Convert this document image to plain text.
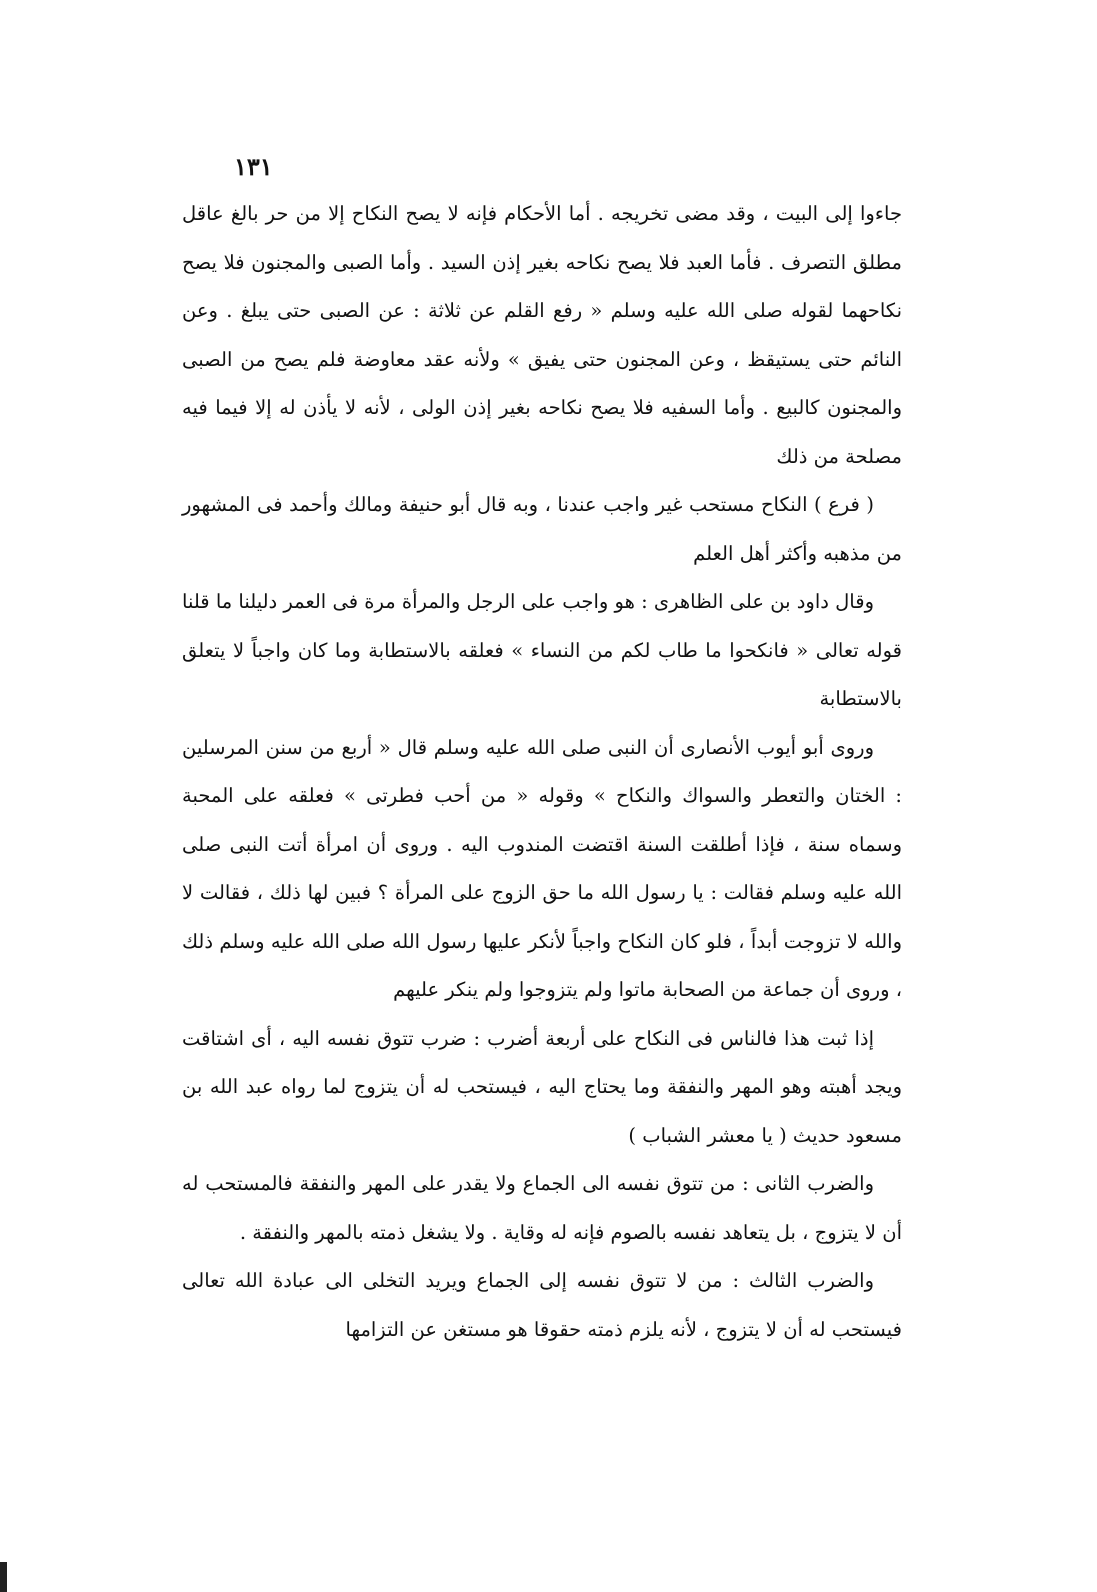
١٣١

جاءوا إلى البيت ، وقد مضى تخريجه . أما الأحكام فإنه لا يصح النكاح إلا من حر بالغ عاقل مطلق التصرف . فأما العبد فلا يصح نكاحه بغير إذن السيد . وأما الصبى والمجنون فلا يصح نكاحهما لقوله صلى الله عليه وسلم « رفع القلم عن ثلاثة : عن الصبى حتى يبلغ . وعن النائم حتى يستيقظ ، وعن المجنون حتى يفيق » ولأنه عقد معاوضة فلم يصح من الصبى والمجنون كالبيع . وأما السفيه فلا يصح نكاحه بغير إذن الولى ، لأنه لا يأذن له إلا فيما فيه مصلحة من ذلك

( فرع ) النكاح مستحب غير واجب عندنا ، وبه قال أبو حنيفة ومالك وأحمد فى المشهور من مذهبه وأكثر أهل العلم

وقال داود بن على الظاهرى : هو واجب على الرجل والمرأة مرة فى العمر دليلنا ما قلنا قوله تعالى « فانكحوا ما طاب لكم من النساء » فعلقه بالاستطابة وما كان واجباً لا يتعلق بالاستطابة

وروى أبو أيوب الأنصارى أن النبى صلى الله عليه وسلم قال « أربع من سنن المرسلين : الختان والتعطر والسواك والنكاح » وقوله « من أحب فطرتى » فعلقه على المحبة وسماه سنة ، فإذا أطلقت السنة اقتضت المندوب اليه . وروى أن امرأة أتت النبى صلى الله عليه وسلم فقالت : يا رسول الله ما حق الزوج على المرأة ؟ فبين لها ذلك ، فقالت لا والله لا تزوجت أبداً ، فلو كان النكاح واجباً لأنكر عليها رسول الله صلى الله عليه وسلم ذلك ، وروى أن جماعة من الصحابة ماتوا ولم يتزوجوا ولم ينكر عليهم

إذا ثبت هذا فالناس فى النكاح على أربعة أضرب : ضرب تتوق نفسه اليه ، أى اشتاقت ويجد أهبته وهو المهر والنفقة وما يحتاج اليه ، فيستحب له أن يتزوج لما رواه عبد الله بن مسعود حديث ( يا معشر الشباب )

والضرب الثانى : من تتوق نفسه الى الجماع ولا يقدر على المهر والنفقة فالمستحب له أن لا يتزوج ، بل يتعاهد نفسه بالصوم فإنه له وقاية . ولا يشغل ذمته بالمهر والنفقة .

والضرب الثالث : من لا تتوق نفسه إلى الجماع ويريد التخلى الى عبادة الله تعالى فيستحب له أن لا يتزوج ، لأنه يلزم ذمته حقوقا هو مستغن عن التزامها
